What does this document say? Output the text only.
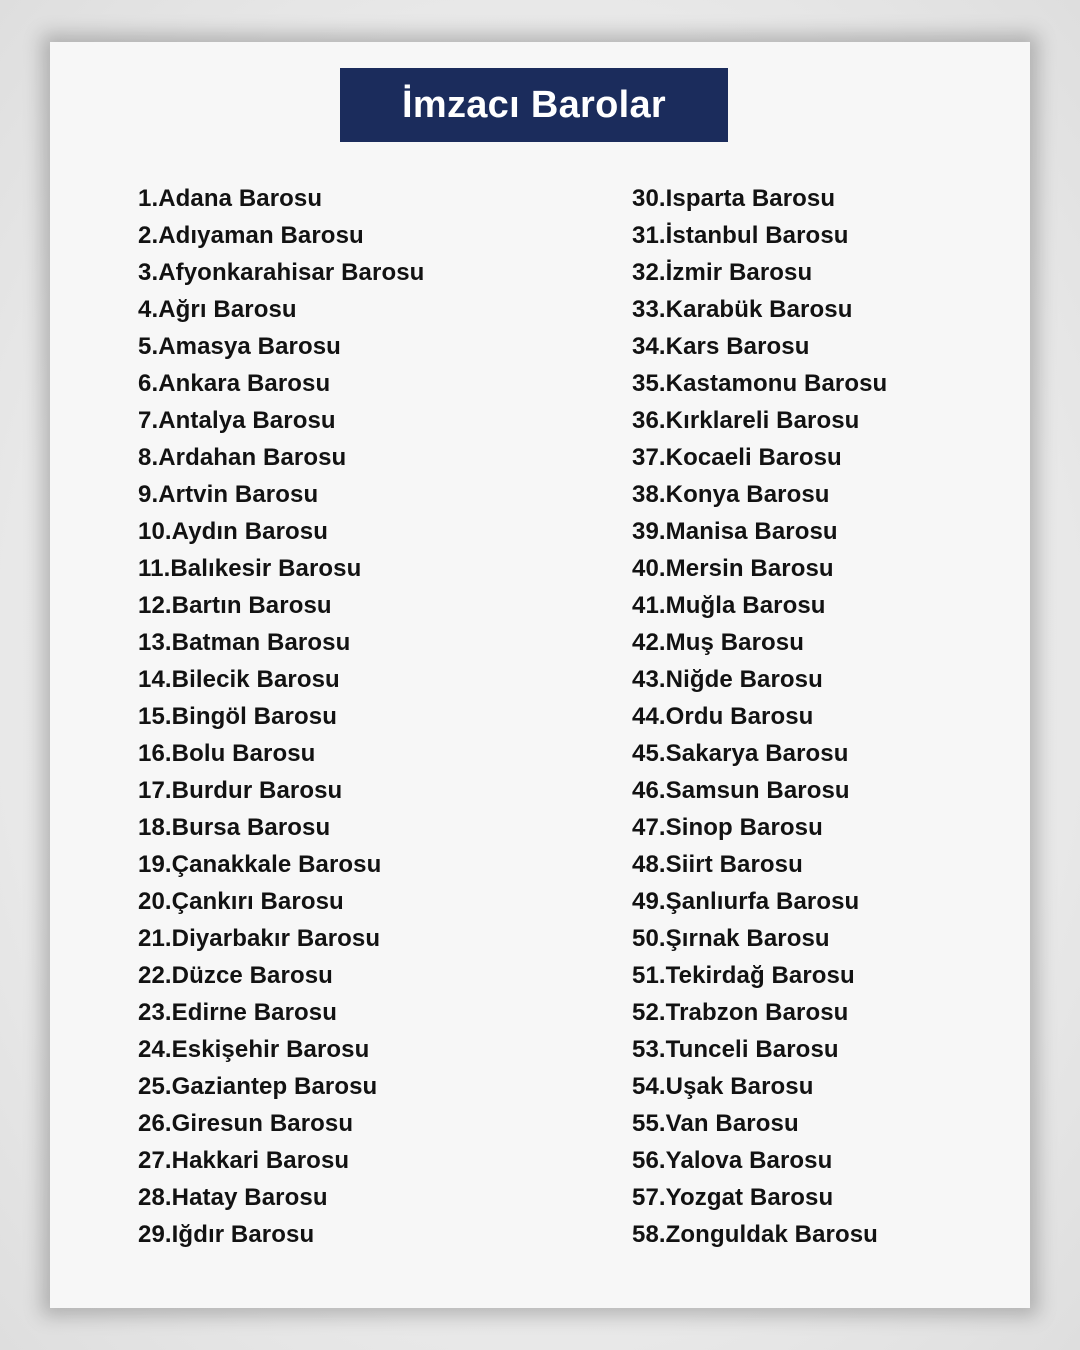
İmzacı Barolar
1.Adana Barosu
2.Adıyaman Barosu
3.Afyonkarahisar Barosu
4.Ağrı Barosu
5.Amasya Barosu
6.Ankara Barosu
7.Antalya Barosu
8.Ardahan Barosu
9.Artvin Barosu
10.Aydın Barosu
11.Balıkesir Barosu
12.Bartın Barosu
13.Batman Barosu
14.Bilecik Barosu
15.Bingöl Barosu
16.Bolu Barosu
17.Burdur Barosu
18.Bursa Barosu
19.Çanakkale Barosu
20.Çankırı Barosu
21.Diyarbakır Barosu
22.Düzce Barosu
23.Edirne Barosu
24.Eskişehir Barosu
25.Gaziantep Barosu
26.Giresun Barosu
27.Hakkari Barosu
28.Hatay Barosu
29.Iğdır Barosu
30.Isparta Barosu
31.İstanbul Barosu
32.İzmir Barosu
33.Karabük Barosu
34.Kars Barosu
35.Kastamonu Barosu
36.Kırklareli Barosu
37.Kocaeli Barosu
38.Konya Barosu
39.Manisa Barosu
40.Mersin Barosu
41.Muğla Barosu
42.Muş Barosu
43.Niğde Barosu
44.Ordu Barosu
45.Sakarya Barosu
46.Samsun Barosu
47.Sinop Barosu
48.Siirt Barosu
49.Şanlıurfa Barosu
50.Şırnak Barosu
51.Tekirdağ Barosu
52.Trabzon Barosu
53.Tunceli Barosu
54.Uşak Barosu
55.Van Barosu
56.Yalova Barosu
57.Yozgat Barosu
58.Zonguldak Barosu
